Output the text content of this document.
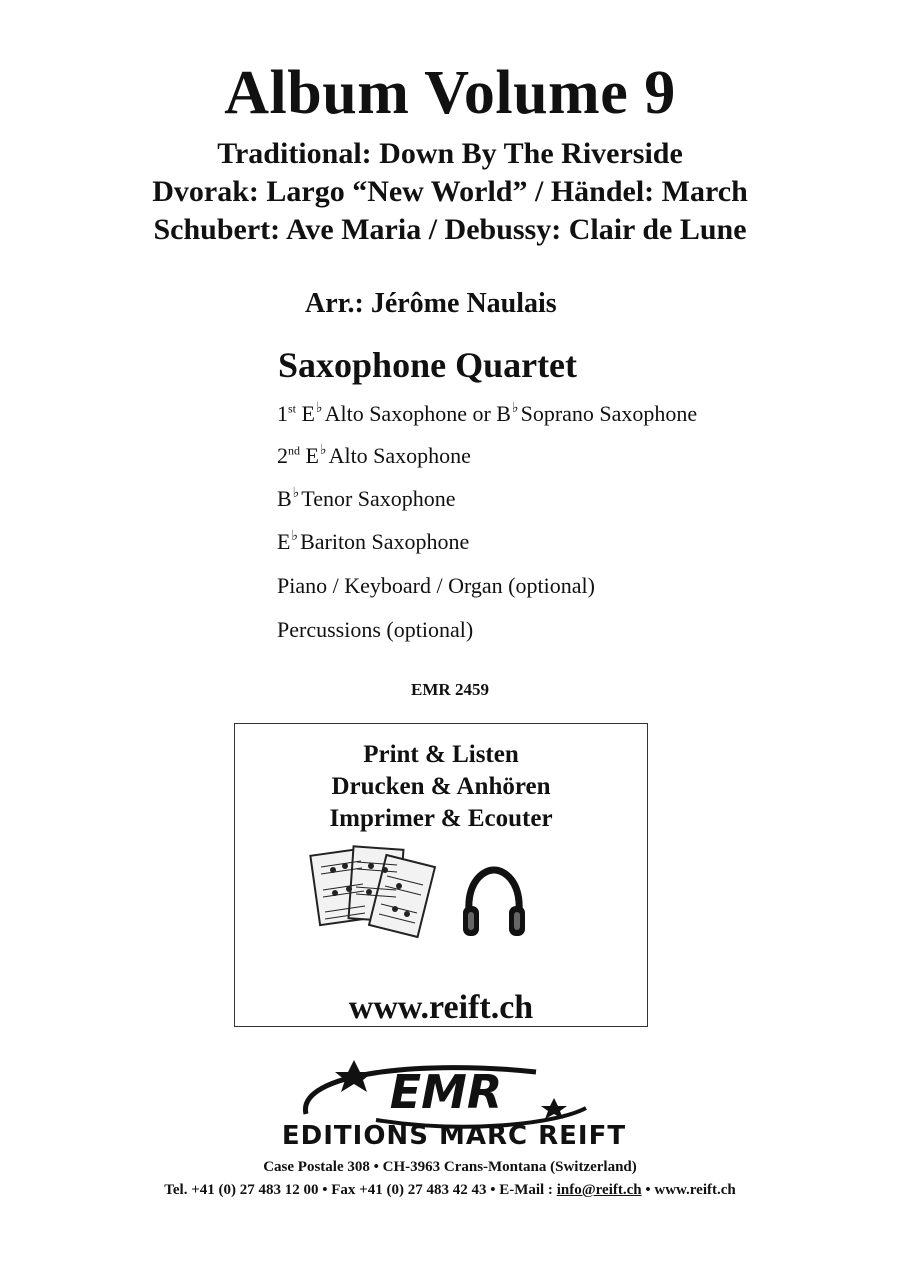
Album Volume 9
Traditional: Down By The Riverside
Dvorak: Largo “New World” / Händel: March
Schubert: Ave Maria / Debussy: Clair de Lune
Arr.: Jérôme Naulais
Saxophone Quartet
1st E♭Alto Saxophone or B♭Soprano Saxophone
2nd E♭Alto Saxophone
B♭Tenor Saxophone
E♭Bariton Saxophone
Piano / Keyboard / Organ (optional)
Percussions (optional)
EMR 2459
Print & Listen
Drucken & Anhören
Imprimer & Ecouter
www.reift.ch
EMR
EDITIONS MARC REIFT
Case Postale 308 • CH-3963 Crans-Montana (Switzerland)
Tel. +41 (0) 27 483 12 00 • Fax +41 (0) 27 483 42 43 • E-Mail : info@reift.ch • www.reift.ch
